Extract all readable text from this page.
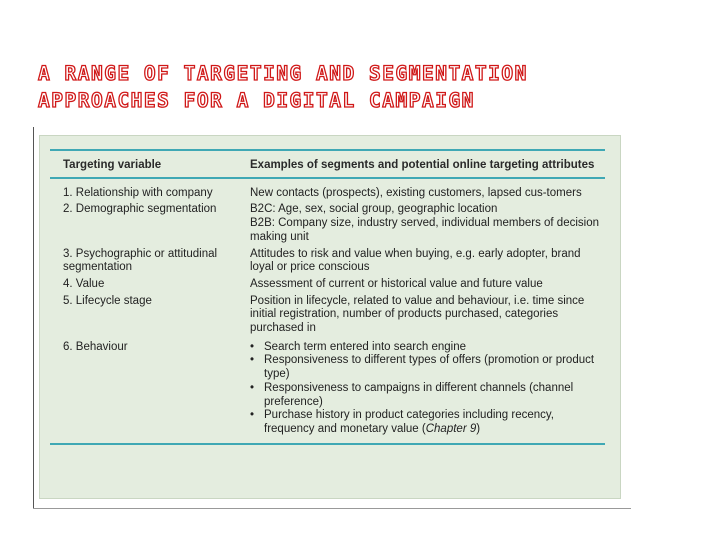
A RANGE OF TARGETING AND SEGMENTATION
APPROACHES FOR A DIGITAL CAMPAIGN
Targeting variable	Examples of segments and potential online targeting attributes
1. Relationship with company	New contacts (prospects), existing customers, lapsed cus-tomers
2. Demographic segmentation	B2C: Age, sex, social group, geographic location
B2B: Company size, industry served, individual members of decision making unit
3. Psychographic or attitudinal segmentation
Attitudes to risk and value when buying, e.g. early adopter, brand loyal or price conscious
4. Value	Assessment of current or historical value and future value
5. Lifecycle stage	Position in lifecycle, related to value and behaviour, i.e. time since initial registration, number of products purchased, categories purchased in
6. Behaviour
•	Search term entered into search engine
• Responsiveness to different types of offers (promotion or product type)
• Responsiveness to campaigns in different channels (channel preference)
• Purchase history in product categories including recency, frequency and monetary value (Chapter 9)
